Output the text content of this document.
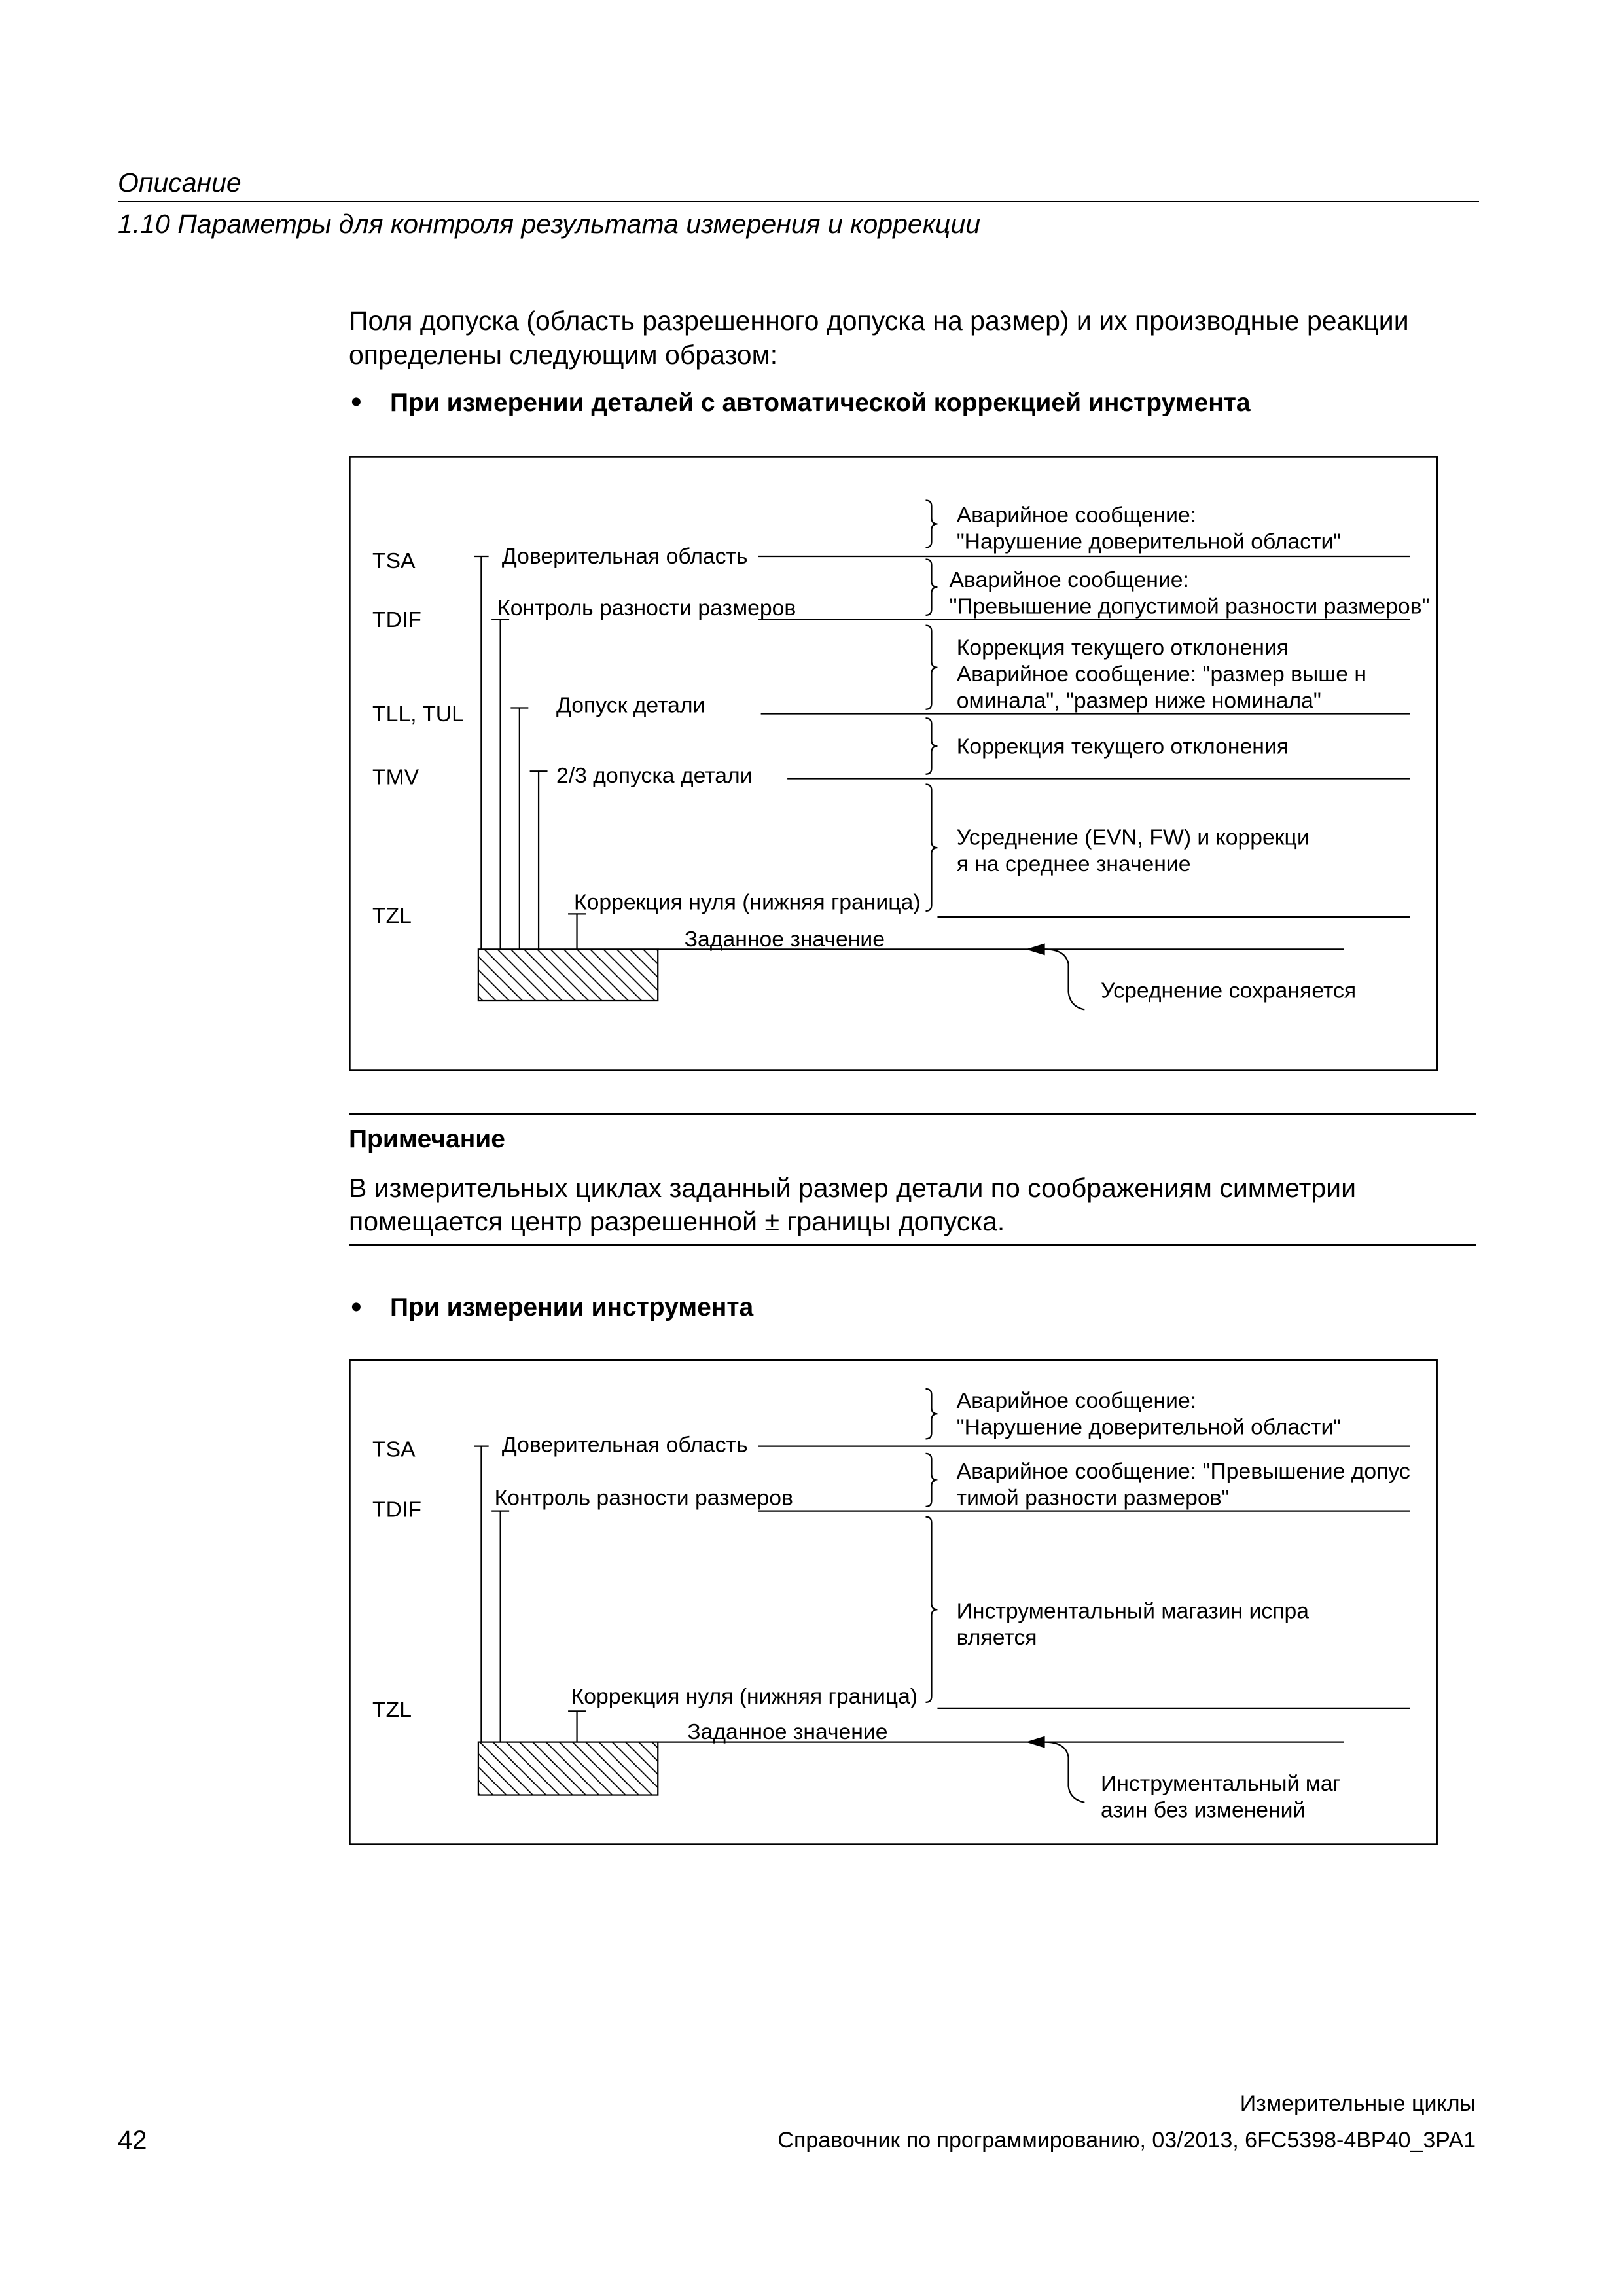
Описание
1.10 Параметры для контроля результата измерения и коррекции
Поля допуска (область разрешенного допуска на размер) и их производные реакции
определены следующим образом:
• При измерении деталей с автоматической коррекцией инструмента
TSA
TDIF
TLL, TUL
TMV
TZL
Доверительная область
Контроль разности размеров
Допуск детали
2/3 допуска детали
Коррекция нуля (нижняя граница)
Аварийное сообщение:
"Нарушение доверительной области"
Аварийное сообщение:
"Превышение допустимой разности размеров"
Коррекция текущего отклонения
Аварийное сообщение: "размер выше н
оминала", "размер ниже номинала"
Коррекция текущего отклонения
Усреднение (EVN, FW) и коррекци
я на среднее значение
Заданное значение
Усреднение сохраняется
Примечание
В измерительных циклах заданный размер детали по соображениям симметрии
помещается центр разрешенной ± границы допуска.
• При измерении инструмента
TSA
TDIF
TZL
Доверительная область
Контроль разности размеров
Коррекция нуля (нижняя граница)
Аварийное сообщение:
"Нарушение доверительной области"
Аварийное сообщение: "Превышение допус
тимой разности размеров"
Инструментальный магазин испра
вляется
Заданное значение
Инструментальный маг
азин без изменений
Измерительные циклы
42	Справочник по программированию, 03/2013, 6FC5398-4BP40_3PA1
